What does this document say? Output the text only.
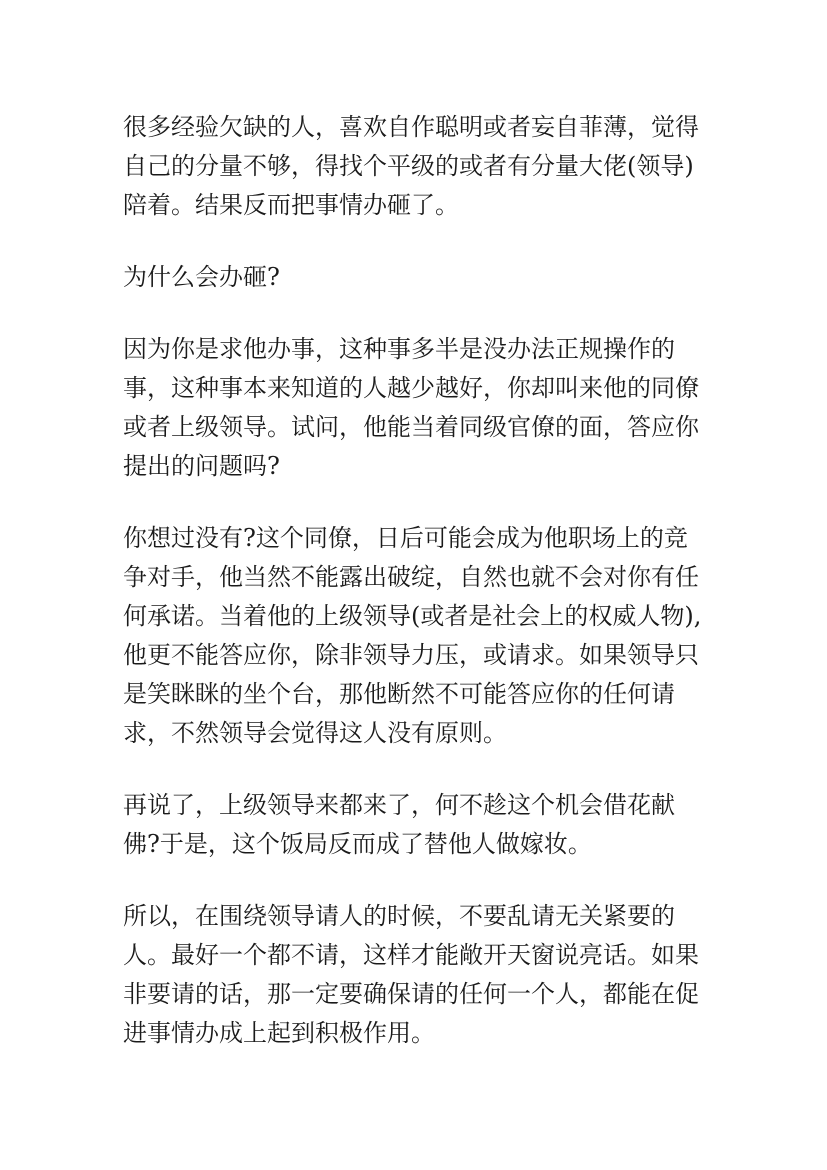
很多经验欠缺的人，喜欢自作聪明或者妄自菲薄，觉得自己的分量不够，得找个平级的或者有分量大佬(领导)陪着。结果反而把事情办砸了。

为什么会办砸?

因为你是求他办事，这种事多半是没办法正规操作的事，这种事本来知道的人越少越好，你却叫来他的同僚或者上级领导。试问，他能当着同级官僚的面，答应你提出的问题吗?

你想过没有?这个同僚，日后可能会成为他职场上的竞争对手，他当然不能露出破绽，自然也就不会对你有任何承诺。当着他的上级领导(或者是社会上的权威人物),他更不能答应你，除非领导力压，或请求。如果领导只是笑眯眯的坐个台，那他断然不可能答应你的任何请求，不然领导会觉得这人没有原则。

再说了，上级领导来都来了，何不趁这个机会借花献佛?于是，这个饭局反而成了替他人做嫁妆。

所以，在围绕领导请人的时候，不要乱请无关紧要的人。最好一个都不请，这样才能敞开天窗说亮话。如果非要请的话，那一定要确保请的任何一个人，都能在促进事情办成上起到积极作用。
